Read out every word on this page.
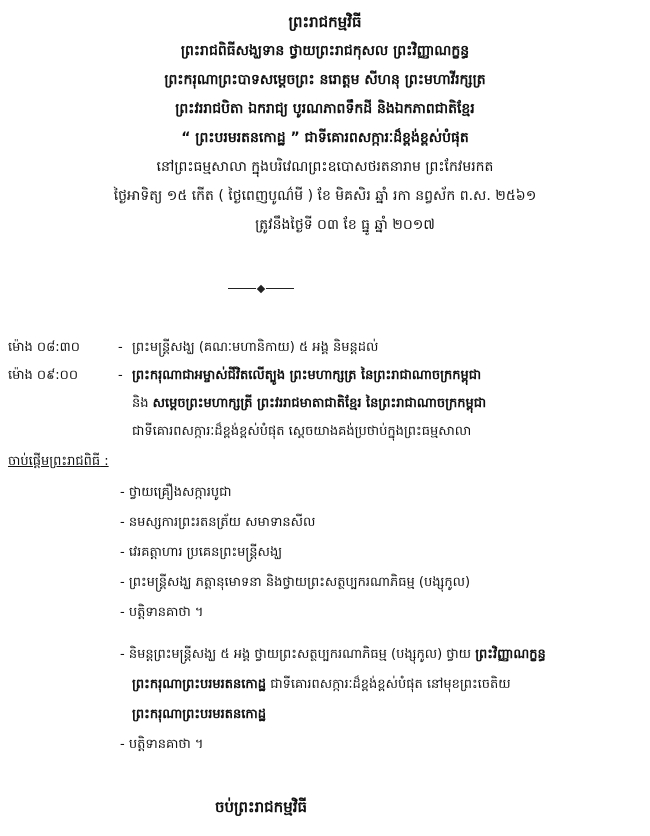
ព្រះរាជកម្មវិធី
ព្រះរាជពិធីសង្ឃទាន ថ្វាយព្រះរាជកុសល ព្រះវិញ្ញាណក្ខន្ធ
ព្រះករុណាព្រះបាទសម្ដេចព្រះ នរោត្តម សីហនុ ព្រះមហាវីរក្សត្រ
ព្រះវររាជបិតា ឯករាជ្យ បូរណភាពទឹកដី និងឯកភាពជាតិខ្មែរ
“ ព្រះបរមរតនកោដ្ឋ ” ជាទីគោរពសក្ការៈដ៏ខ្ពង់ខ្ពស់បំផុត
នៅព្រះធម្មសាលា ក្នុងបរិវេណព្រះឧបោសថរតនារាម ព្រះកែវមរកត
ថ្ងៃអាទិត្យ ១៥ កើត ( ថ្ងៃពេញបូណ៌មី ) ខែ មិគសិរ ឆ្នាំ រកា នព្វស័ក ព.ស. ២៥៦១
ត្រូវនឹងថ្ងៃទី ០៣ ខែ ធ្នូ ឆ្នាំ ២០១៧
ម៉ោង ០៨:៣០	- ព្រះមន្ត្រីសង្ឃ (គណៈមហានិកាយ) ៥ អង្គ និមន្តដល់
ម៉ោង ០៩:០០	- ព្រះករុណាជាអម្ចាស់ជីវិតលើត្បូង ព្រះមហាក្សត្រ នៃព្រះរាជាណាចក្រកម្ពុជា
និង សម្ដេចព្រះមហាក្សត្រី ព្រះវររាជមាតាជាតិខ្មែរ នៃព្រះរាជាណាចក្រកម្ពុជា
ជាទីគោរពសក្ការៈដ៏ខ្ពង់ខ្ពស់បំផុត ស្ដេចយាងគង់ប្រថាប់ក្នុងព្រះធម្មសាលា
ចាប់ផ្ដើមព្រះរាជពិធី :
- ថ្វាយគ្រឿងសក្ការបូជា
- នមស្សការព្រះរតនត្រ័យ សមាទានសីល
- វេរគត្តាហារ ប្រគេនព្រះមន្ត្រីសង្ឃ
- ព្រះមន្ត្រីសង្ឃ ភត្តានុមោទនា និងថ្វាយព្រះសត្ថប្បករណាភិធម្ម (បង្សុកូល)
- បត្តិទានគាថា ។
- និមន្តព្រះមន្ត្រីសង្ឃ ៥ អង្គ ថ្វាយព្រះសត្ថប្បករណាភិធម្ម (បង្សុកូល) ថ្វាយ ព្រះវិញ្ញាណក្ខន្ធ
ព្រះករុណាព្រះបរមរតនកោដ្ឋ ជាទីគោរពសក្ការៈដ៏ខ្ពង់ខ្ពស់បំផុត នៅមុខព្រះចេតិយ
ព្រះករុណាព្រះបរមរតនកោដ្ឋ
- បត្តិទានគាថា ។
ចប់ព្រះរាជកម្មវិធី
